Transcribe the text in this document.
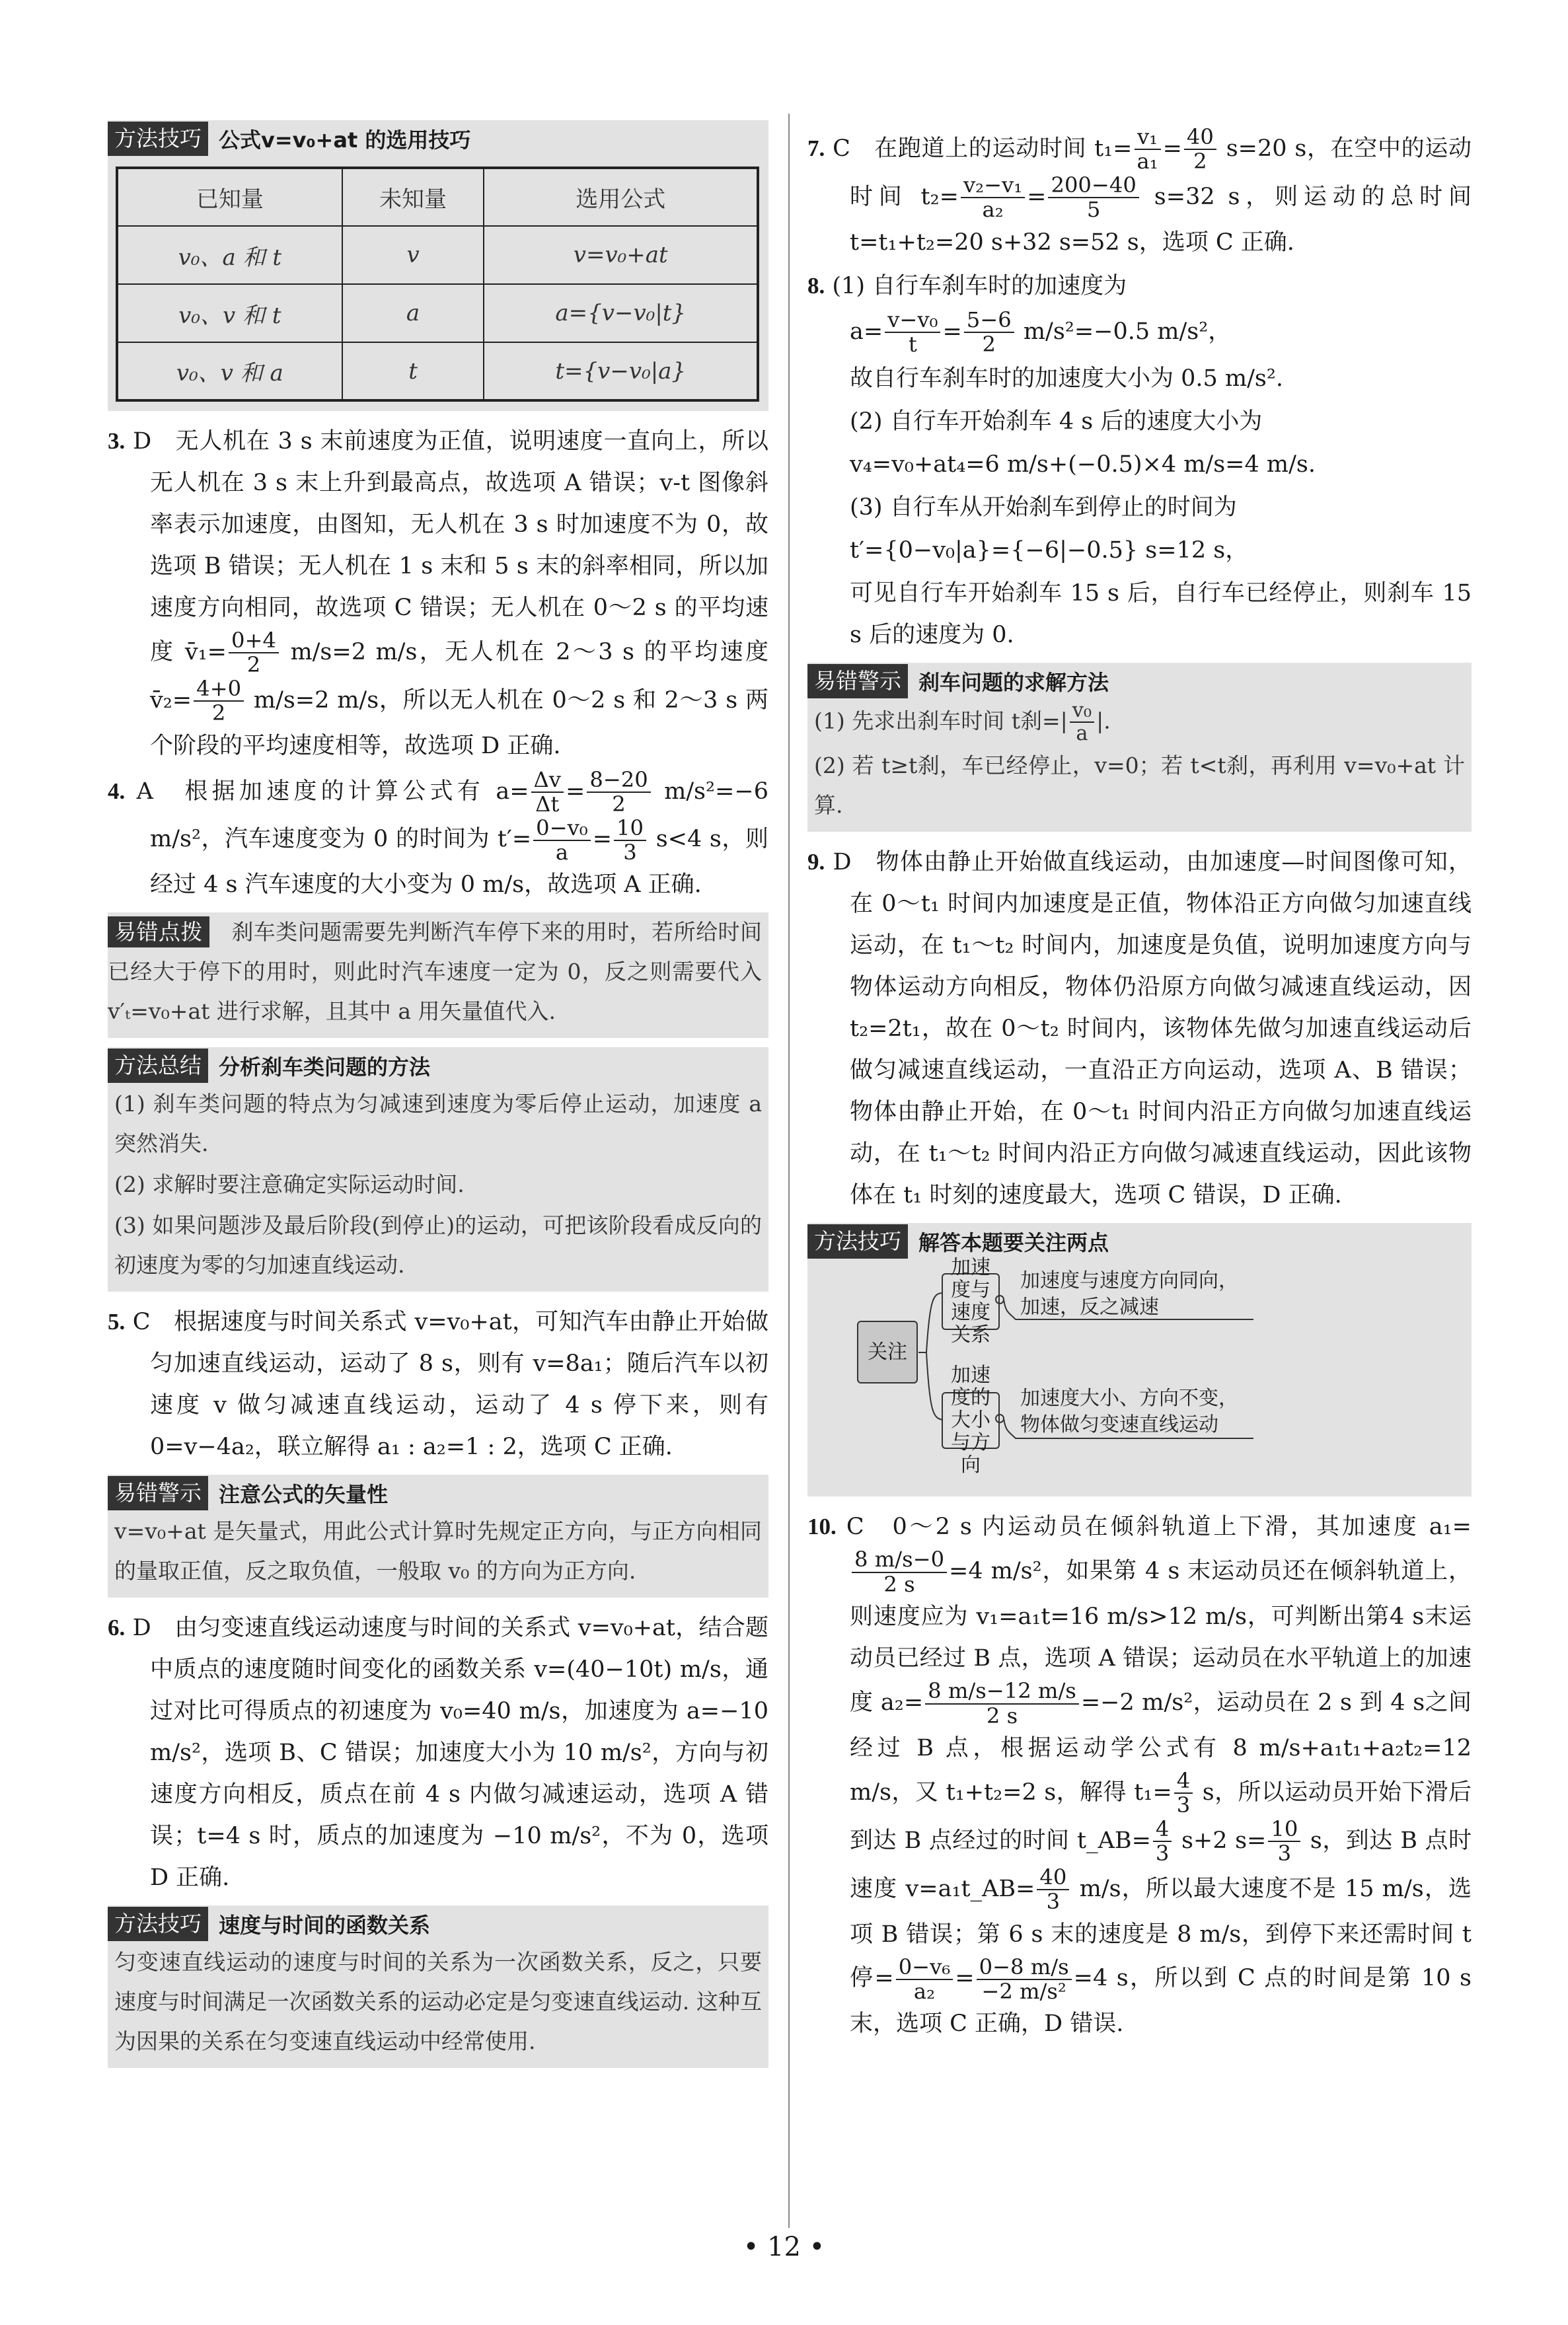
方法技巧 公式v=v₀+at 的选用技巧
已知量	未知量	选用公式
v₀、a 和 t	v	v=v₀+at
v₀、v 和 t	a	a={v−v₀|t}
v₀、v 和 a	t	t={v−v₀|a}
3. D　无人机在 3 s 末前速度为正值，说明速度一直向上，所以无人机在 3 s 末上升到最高点，故选项 A 错误；v-t 图像斜率表示加速度，由图知，无人机在 3 s 时加速度不为 0，故选项 B 错误；无人机在 1 s 末和 5 s 末的斜率相同，所以加速度方向相同，故选项 C 错误；无人机在 0～2 s 的平均速度 v̄₁= $\frac{0+4}{2} m/s=2$ m/s，无人机在 2～3 s 的平均速度 v̄₂= $\frac{4+0}{2} m/s=2$ m/s，所以无人机在 0～2 s 和 2～3 s 两个阶段的平均速度相等，故选项 D 正确.
4. A　根据加速度的计算公式有 $a= \frac{\Delta v}{\Delta t} = \frac{8-20}{2} m/s^2=-6$ m/s²，汽车速度变为 0 的时间为 $t'= \frac{\text{0−v₀}}{a} = \frac{10}{3} s<4$ s，则经过 4 s 汽车速度的大小变为 0 m/s，故选项 A 正确.
易错点拨　 刹车类问题需要先判断汽车停下来的用时，若所给时间已经大于停下的用时，则此时汽车速度一定为 0，反之则需要代入 v′ₜ=v₀+at 进行求解，且其中 a 用矢量值代入.
方法总结 分析刹车类问题的方法
(1) 刹车类问题的特点为匀减速到速度为零后停止运动，加速度 a 突然消失.
(2) 求解时要注意确定实际运动时间.
(3) 如果问题涉及最后阶段(到停止)的运动，可把该阶段看成反向的初速度为零的匀加速直线运动.
5. C　根据速度与时间关系式 v=v₀+at，可知汽车由静止开始做匀加速直线运动，运动了 8 s，则有 v=8a₁；随后汽车以初速度 v 做匀减速直线运动，运动了 4 s 停下来，则有 0=v−4a₂，联立解得 a₁ : a₂=1 : 2，选项 C 正确.
易错警示 注意公式的矢量性
v=v₀+at 是矢量式，用此公式计算时先规定正方向，与正方向相同的量取正值，反之取负值，一般取 v₀ 的方向为正方向.
6. D　由匀变速直线运动速度与时间的关系式 v=v₀+at，结合题中质点的速度随时间变化的函数关系 v=(40−10t) m/s，通过对比可得质点的初速度为 v₀=40 m/s，加速度为 a=−10 m/s²，选项 B、C 错误；加速度大小为 10 m/s²，方向与初速度方向相反，质点在前 4 s 内做匀减速运动，选项 A 错误；t=4 s 时，质点的加速度为 −10 m/s²，不为 0，选项 D 正确.
方法技巧 速度与时间的函数关系
匀变速直线运动的速度与时间的关系为一次函数关系，反之，只要速度与时间满足一次函数关系的运动必定是匀变速直线运动. 这种互为因果的关系在匀变速直线运动中经常使用.
7. C　在跑道上的运动时间 $t_1= \frac{\text{v₁}}{\text{a₁}} = \frac{40}{2} s=20$ s，在空中的运动时间 $t_2= \frac{\text{v₂−v₁}}{\text{a₂}} = \frac{200-40}{5} s=32$ s，则运动的总时间 t=t₁+t₂=20 s+32 s=52 s，选项 C 正确.
8. (1) 自行车刹车时的加速度为
$a= \frac{\text{v−v₀}}{t} = \frac{5-6}{2} m/s^2=-0.5$ m/s²，
故自行车刹车时的加速度大小为 0.5 m/s².
(2) 自行车开始刹车 4 s 后的速度大小为
v₄=v₀+at₄=6 m/s+(−0.5)×4 m/s=4 m/s.
(3) 自行车从开始刹车到停止的时间为
t′={0−v₀|a}={−6|−0.5} s=12 s，
可见自行车开始刹车 15 s 后，自行车已经停止，则刹车 15 s 后的速度为 0.
易错警示 刹车问题的求解方法
(1) 先求出刹车时间 t刹=| $\frac{\text{v₀}}{a}$ |.
(2) 若 t≥t刹，车已经停止，v=0；若 t<t刹，再利用 v=v₀+at 计算.
9. D　物体由静止开始做直线运动，由加速度—时间图像可知，在 0～t₁ 时间内加速度是正值，物体沿正方向做匀加速直线运动，在 t₁～t₂ 时间内，加速度是负值，说明加速度方向与物体运动方向相反，物体仍沿原方向做匀减速直线运动，因 t₂=2t₁，故在 0～t₂ 时间内，该物体先做匀加速直线运动后做匀减速直线运动，一直沿正方向运动，选项 A、B 错误；物体由静止开始，在 0～t₁ 时间内沿正方向做匀加速直线运动，在 t₁～t₂ 时间内沿正方向做匀减速直线运动，因此该物体在 t₁ 时刻的速度最大，选项 C 错误，D 正确.
方法技巧 解答本题要关注两点
关注
加速度与速度关系
加速度的大小与方向
加速度与速度方向同向，
加速，反之减速
加速度大小、方向不变，
物体做匀变速直线运动
10. C　0～2 s 内运动员在倾斜轨道上下滑，其加速度 a₁=
$\frac{8 m/s-0}{2 s} =4$ m/s²，如果第 4 s 末运动员还在倾斜轨道上，则速度应为 v₁=a₁t=16 m/s>12 m/s，可判断出第4 s末运动员已经过 B 点，选项 A 错误；运动员在水平轨道上的加速度 $a_2= \frac{8 m/s-12 m/s}{2 s} =-2$ m/s²，运动员在 2 s 到 4 s之间经过 B 点，根据运动学公式有 8 m/s+a₁t₁+a₂t₂=12 m/s，又 t₁+t₂=2 s，解得 $t_1= \frac{4}{3}$ s，所以运动员开始下滑后到达 B 点经过的时间 t_AB= $\frac{4}{3} s+2$ $s= \frac{10}{3}$ s，到达 B 点时速度 v=a₁t_AB= $\frac{40}{3} m/s$，所以最大速度不是 15 m/s，选项 B 错误；第 6 s 末的速度是 8 m/s，到停下来还需时间 t停= $\frac{\text{0−v₆}}{\text{a₂}} = \frac{0-8 m/s}{\text{−2 m/s²}} =4$ s，所以到 C 点的时间是第 10 s 末，选项 C 正确，D 错误.
• 12 •
